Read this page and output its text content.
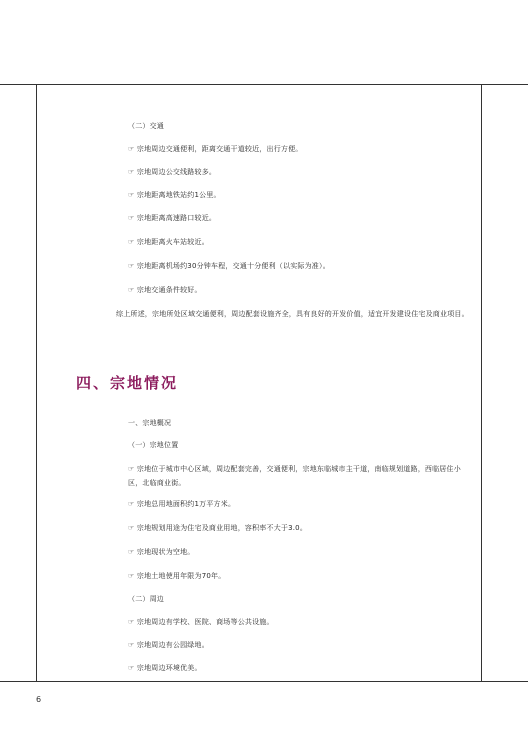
（二）交通
☞ 宗地周边交通便利，距离交通干道较近，出行方便。
☞ 宗地周边公交线路较多。
☞ 宗地距离地铁站约1公里。
☞ 宗地距离高速路口较近。
☞ 宗地距离火车站较近。
☞ 宗地距离机场约30分钟车程，交通十分便利（以实际为准）。
☞ 宗地交通条件较好。
综上所述，宗地所处区域交通便利，周边配套设施齐全，具有良好的开发价值，适宜开发建设住宅及商业项目。
四、宗地情况
一、宗地概况
（一）宗地位置
☞ 宗地位于城市中心区域，周边配套完善，交通便利，宗地东临城市主干道，南临规划道路，西临居住小区，北临商业街。
☞ 宗地总用地面积约1万平方米。
☞ 宗地规划用途为住宅及商业用地，容积率不大于3.0。
☞ 宗地现状为空地。
☞ 宗地土地使用年限为70年。
（二）周边
☞ 宗地周边有学校、医院、商场等公共设施。
☞ 宗地周边有公园绿地。
☞ 宗地周边环境优美。
6
